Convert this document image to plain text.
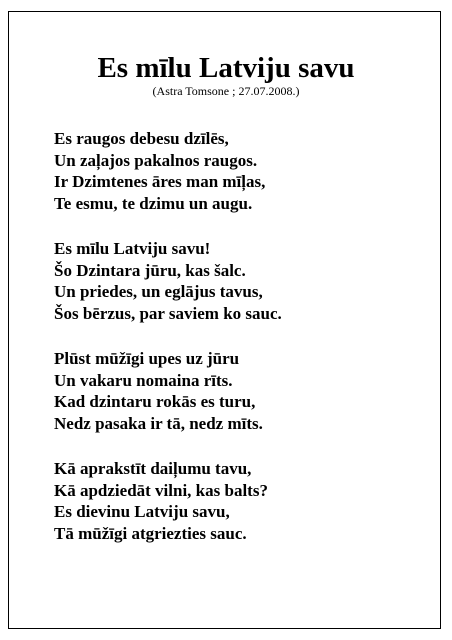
Es mīlu Latviju savu
(Astra Tomsone ; 27.07.2008.)
Es raugos debesu dzīlēs,
Un zaļajos pakalnos raugos.
Ir Dzimtenes āres man mīļas,
Te esmu, te dzimu un augu.
Es mīlu Latviju savu!
Šo Dzintara jūru, kas šalc.
Un priedes, un eglājus tavus,
Šos bērzus, par saviem ko sauc.
Plūst mūžīgi upes uz jūru
Un vakaru nomaina rīts.
Kad dzintaru rokās es turu,
Nedz pasaka ir tā, nedz mīts.
Kā aprakstīt daiļumu tavu,
Kā apdziedāt vilni, kas balts?
Es dievinu Latviju savu,
Tā mūžīgi atgriezties sauc.
